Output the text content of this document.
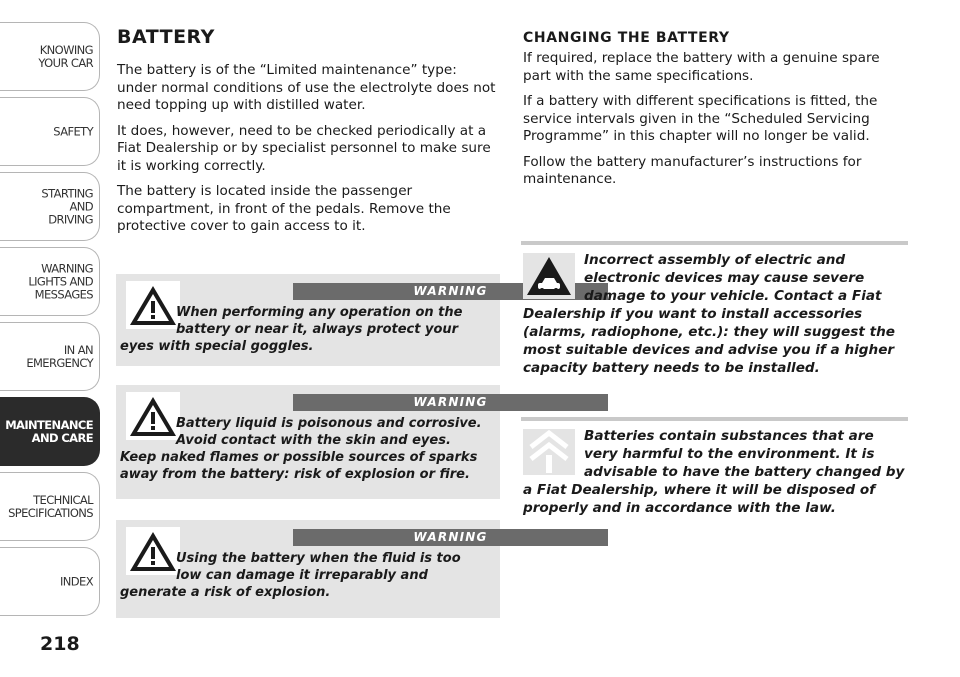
KNOWING
YOUR CAR
SAFETY
STARTING
AND
DRIVING
WARNING
LIGHTS AND
MESSAGES
IN AN
EMERGENCY
MAINTENANCE
AND CARE
TECHNICAL
SPECIFICATIONS
INDEX
218
BATTERY

The battery is of the “Limited maintenance” type: under normal conditions of use the electrolyte does not need topping up with distilled water.

It does, however, need to be checked periodically at a Fiat Dealership or by specialist personnel to make sure it is working correctly.

The battery is located inside the passenger compartment, in front of the pedals. Remove the protective cover to gain access to it.

WARNING
When performing any operation on the battery or near it, always protect your
eyes with special goggles.
WARNING
Battery liquid is poisonous and corrosive. Avoid contact with the skin and eyes.
Keep naked flames or possible sources of sparks away from the battery: risk of explosion or fire.
WARNING
Using the battery when the fluid is too low can damage it irreparably and
generate a risk of explosion.
CHANGING THE BATTERY

If required, replace the battery with a genuine spare part with the same specifications.

If a battery with different specifications is fitted, the service intervals given in the “Scheduled Servicing Programme” in this chapter will no longer be valid.

Follow the battery manufacturer’s instructions for maintenance.

Incorrect assembly of electric and electronic devices may cause severe damage to your vehicle. Contact a Fiat
Dealership if you want to install accessories (alarms, radiophone, etc.): they will suggest the most suitable devices and advise you if a higher capacity battery needs to be installed.
Batteries contain substances that are very harmful to the environment. It is advisable to have the battery changed by
a Fiat Dealership, where it will be disposed of properly and in accordance with the law.
